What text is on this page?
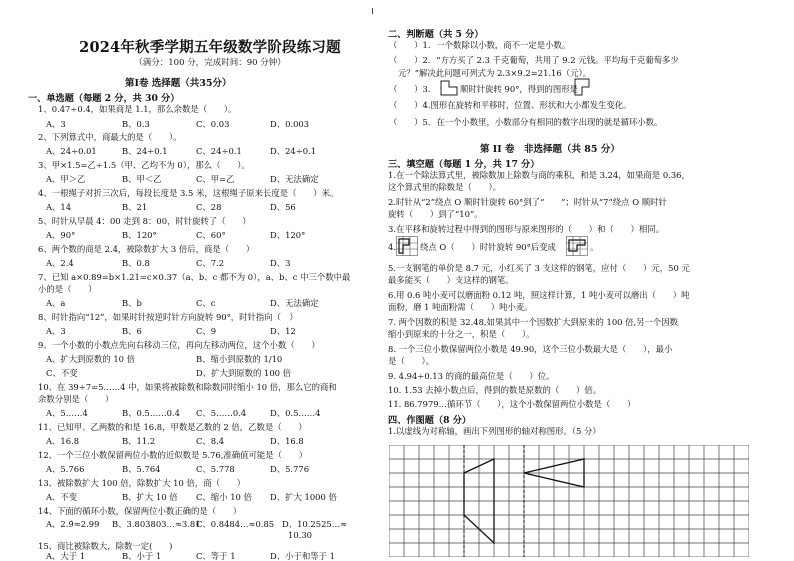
2024年秋季学期五年级数学阶段练习题
（满分：100 分，完成时间：90 分钟）
第Ⅰ卷 选择题（共35分）
一、单选题（每题 2 分，共 30 分）
1、0.47÷0.4，如果商是 1.1，那么余数是（　　）。
A、3	B、0.3	C、0.03	D、0.003
2、下列算式中，商最大的是（　　）。
A、24÷0.01	B、24÷0.1	C、24÷0.1	D、24÷0.1
3、甲×1.5=乙÷1.5（甲、乙均不为 0），那么（　　）。
A、甲＞乙	B、甲＜乙	C、甲=乙	D、无法确定
4、一根绳子对折三次后，每段长度是 3.5 米，这根绳子原来长度是（　　）米。
A、14	B、21	C、28	D、56
5、时针从早晨 4：00 走到 8：00，时针旋转了（　　）
A、90°	B、120°	C、60°	D、120°
6、两个数的商是 2.4，被除数扩大 3 倍后，商是（　　）
A、2.4	B、0.8	C、7.2	D、3
7、已知 a×0.89=b×1.21=c×0.37（a、b、c 都不为 0），a、b、c 中三个数中最
小的是（　　）
A、a	B、b	C、c	D、无法确定
8、时针指向“12”，如果时针按逆时针方向旋转 90°，时针指向（　）
A、3	B、6	C、9	D、12
9、一个小数的小数点先向右移动三位，再向左移动两位，这个小数（　　）
A、扩大到原数的 10 倍	B、缩小到原数的 1/10
C、不变	D、扩大到原数的 100 倍
10、在 39÷7=5……4 中，如果将被除数和除数同时缩小 10 倍，那么它的商和
余数分别是（　　）
A、5……4	B、0.5……0.4 C、5……0.4	D、0.5……4
11、已知甲、乙两数的和是 16.8，甲数是乙数的 2 倍，乙数是（　　）
A、16.8	B、11.2	C、8.4	D、16.8
12、一个三位小数保留两位小数的近似数是 5.76,准确值可能是（　　）
A、5.766	B、5.764	C、5.778	D、5.776
13、被除数扩大 100 倍，除数扩大 10 倍，商（　　）
A、不变	B、扩大 10 倍 C、缩小 10 倍 D、扩大 1000 倍
14、下面的循环小数，保留两位小数正确的是（　　）
A、2.9̇≈2.99 B、3.803803…≈3.81
C、0.8484…≈0.85 D、10.2525…≈
10.30
15、商比被除数大，除数一定(　　)
A、大于 1	B、小于 1	C、等于 1	D、小于和等于 1
二、判断题（共 5 分）
（　　）1．一个数除以小数，商不一定是小数。
（　　）2．“方方买了 2.3 千克葡萄，共用了 9.2 元钱。平均每千克葡萄多少
元？”解决此问题可列式为 2.3×9.2=21.16（元）。
（　　）3．	顺时针旋转 90°，得到的图形是
（　　）4.图形在旋转和平移时，位置、形状和大小都发生变化。
（　　）5．在一个小数里，小数部分有相同的数字出现的就是循环小数。
第 II 卷　非选择题（共 85 分）
三、填空题（每题 1 分，共 17 分）
1.在一个除法算式里，被除数加上除数与商的乘积，和是 3.24，如果商是 0.36，
这个算式里的除数是（　　）。
2.时针从“2”绕点 O 顺时针旋转 60°到了“　　”；时针从“7”绕点 O 顺时针
旋转（　　）到了“10”。
3.在平移和旋转过程中得到的图形与原来图形的（　　）和（　　）相同。
4.	绕点 O（　　）时针旋转 90°后变成	。
5.一支钢笔的单价是 8.7 元，小红买了 3 支这样的钢笔，应付（　　）元，50 元
最多能买（　　）支这样的钢笔。
6.用 0.6 吨小麦可以磨面粉 0.12 吨，照这样计算，1 吨小麦可以磨出（　　）吨
面粉，磨 1 吨面粉需（　　）吨小麦。
7. 两个因数的积是 32.48,如果其中一个因数扩大到原来的 100 倍,另一个因数
缩小到原来的十分之一，积是（　　）。
8. 一个三位小数保留两位小数是 49.90，这个三位小数最大是（　　），最小
是（　　）。
9. 4.94÷0.13 的商的最高位是（　　）位。
10. 1.53 去掉小数点后，得到的数是原数的（　　）倍。
11. 86.7979…循环节（　　），这个小数保留两位小数是（　　）
四、作图题（8 分）
1.以虚线为对称轴，画出下列图形的轴对称图形。（5 分）
